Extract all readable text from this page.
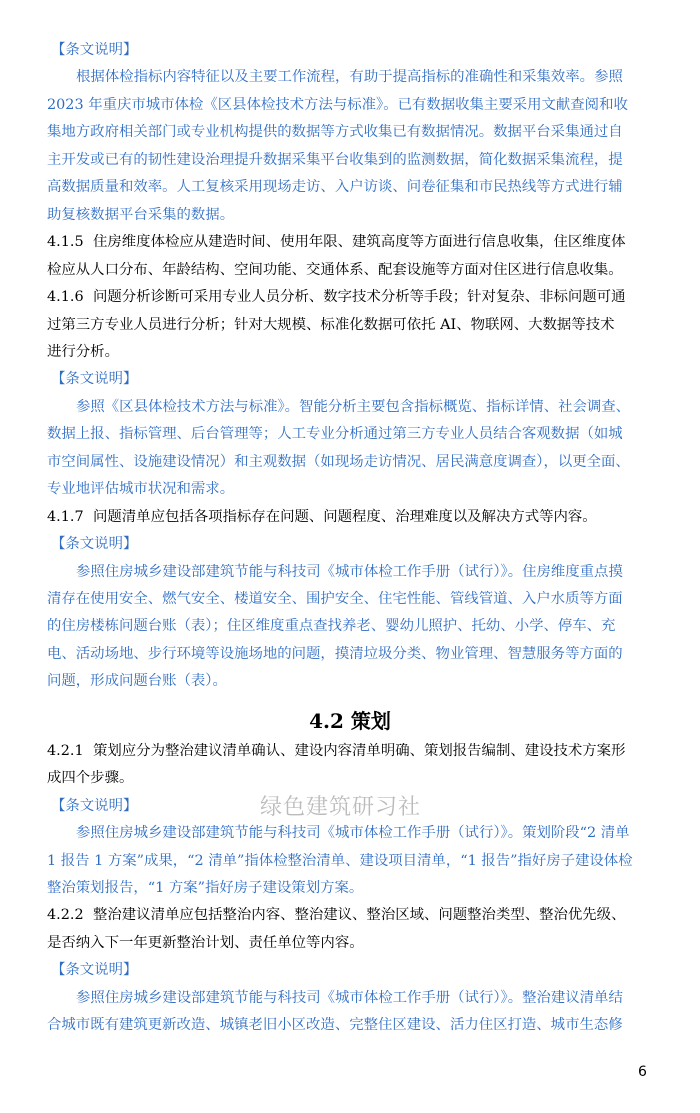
【条文说明】
根据体检指标内容特征以及主要工作流程，有助于提高指标的准确性和采集效率。参照
2023 年重庆市城市体检《区县体检技术方法与标准》。已有数据收集主要采用文献查阅和收
集地方政府相关部门或专业机构提供的数据等方式收集已有数据情况。数据平台采集通过自
主开发或已有的韧性建设治理提升数据采集平台收集到的监测数据，简化数据采集流程，提
高数据质量和效率。人工复核采用现场走访、入户访谈、问卷征集和市民热线等方式进行辅
助复核数据平台采集的数据。
4.1.5 住房维度体检应从建造时间、使用年限、建筑高度等方面进行信息收集，住区维度体
检应从人口分布、年龄结构、空间功能、交通体系、配套设施等方面对住区进行信息收集。
4.1.6 问题分析诊断可采用专业人员分析、数字技术分析等手段；针对复杂、非标问题可通
过第三方专业人员进行分析；针对大规模、标准化数据可依托 AI、物联网、大数据等技术
进行分析。
【条文说明】
参照《区县体检技术方法与标准》。智能分析主要包含指标概览、指标详情、社会调查、
数据上报、指标管理、后台管理等；人工专业分析通过第三方专业人员结合客观数据（如城
市空间属性、设施建设情况）和主观数据（如现场走访情况、居民满意度调查），以更全面、
专业地评估城市状况和需求。
4.1.7 问题清单应包括各项指标存在问题、问题程度、治理难度以及解决方式等内容。
【条文说明】
参照住房城乡建设部建筑节能与科技司《城市体检工作手册（试行）》。住房维度重点摸
清存在使用安全、燃气安全、楼道安全、围护安全、住宅性能、管线管道、入户水质等方面
的住房楼栋问题台账（表）；住区维度重点查找养老、婴幼儿照护、托幼、小学、停车、充
电、活动场地、步行环境等设施场地的问题，摸清垃圾分类、物业管理、智慧服务等方面的
问题，形成问题台账（表）。
4.2 策划
4.2.1 策划应分为整治建议清单确认、建设内容清单明确、策划报告编制、建设技术方案形
成四个步骤。
【条文说明】
参照住房城乡建设部建筑节能与科技司《城市体检工作手册（试行）》。策划阶段“2 清单
1 报告 1 方案”成果，“2 清单”指体检整治清单、建设项目清单，“1 报告”指好房子建设体检
整治策划报告，“1 方案”指好房子建设策划方案。
4.2.2 整治建议清单应包括整治内容、整治建议、整治区域、问题整治类型、整治优先级、
是否纳入下一年更新整治计划、责任单位等内容。
【条文说明】
参照住房城乡建设部建筑节能与科技司《城市体检工作手册（试行）》。整治建议清单结
合城市既有建筑更新改造、城镇老旧小区改造、完整住区建设、活力住区打造、城市生态修
绿色建筑研习社
6
